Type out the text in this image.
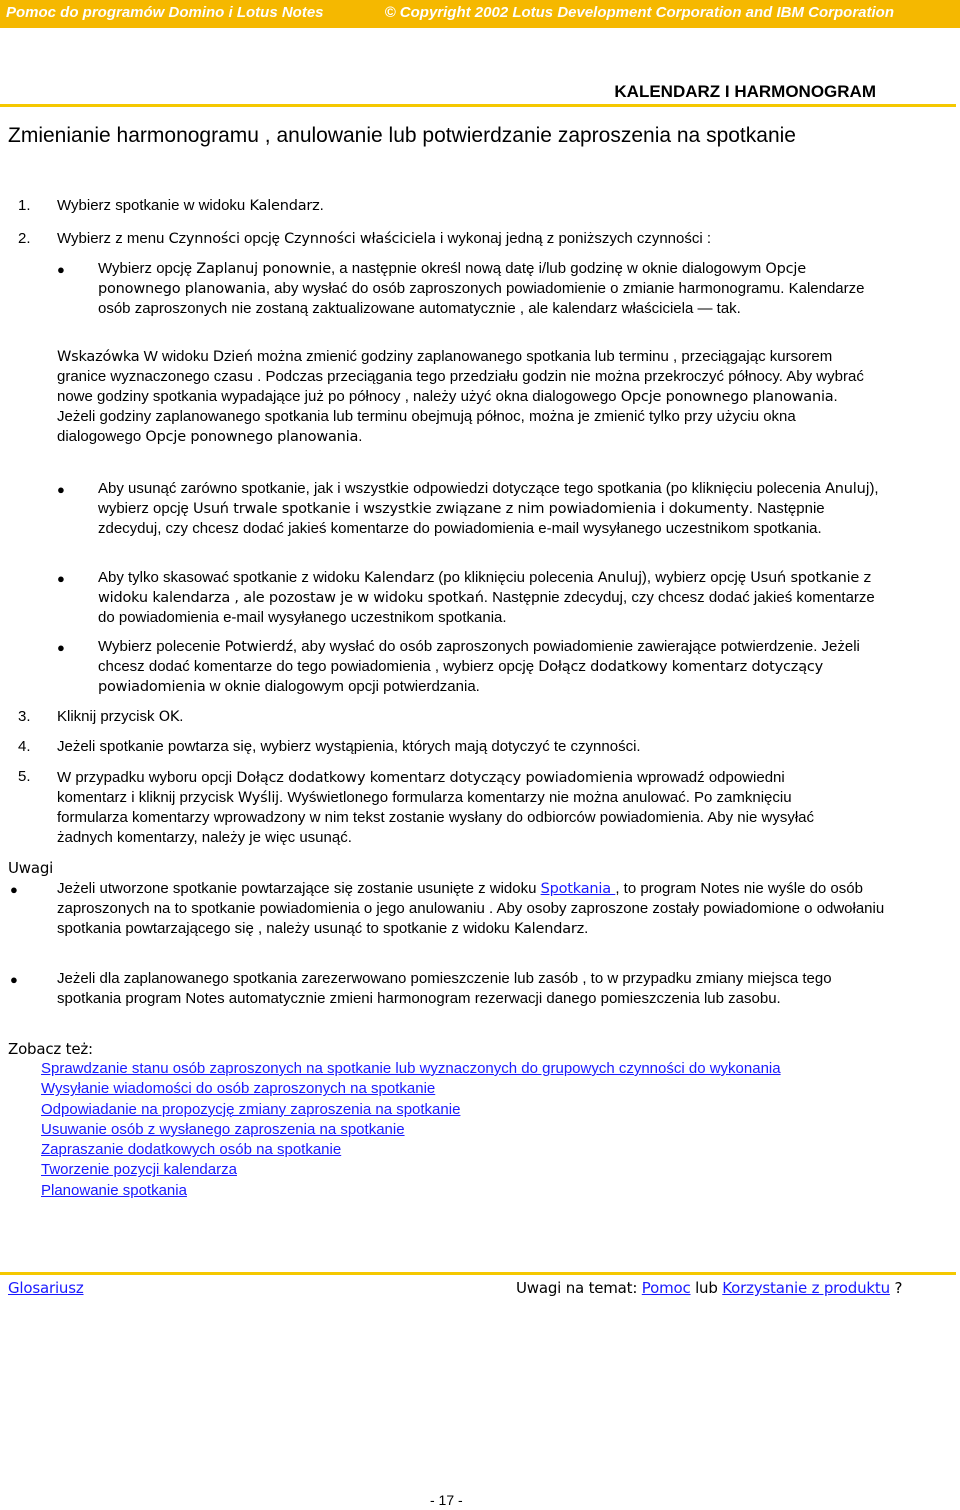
Pomoc do programów Domino i Lotus Notes	© Copyright 2002 Lotus Development Corporation and IBM Corporation
KALENDARZ I HARMONOGRAM
Zmienianie harmonogramu , anulowanie lub potwierdzanie zaproszenia na spotkanie
1. Wybierz spotkanie w widoku Kalendarz.
2. Wybierz z menu Czynności opcję Czynności właściciela i wykonaj jedną z poniższych czynności :
● Wybierz opcję Zaplanuj ponownie, a następnie określ nową datę i/lub godzinę w oknie dialogowym Opcje ponownego planowania, aby wysłać do osób zaproszonych powiadomienie o zmianie harmonogramu. Kalendarze osób zaproszonych nie zostaną zaktualizowane automatycznie , ale kalendarz właściciela — tak.
Wskazówka W widoku Dzień można zmienić godziny zaplanowanego spotkania lub terminu , przeciągając kursorem granice wyznaczonego czasu . Podczas przeciągania tego przedziału godzin nie można przekroczyć północy. Aby wybrać nowe godziny spotkania wypadające już po północy , należy użyć okna dialogowego Opcje ponownego planowania. Jeżeli godziny zaplanowanego spotkania lub terminu obejmują północ, można je zmienić tylko przy użyciu okna dialogowego Opcje ponownego planowania.
● Aby usunąć zarówno spotkanie, jak i wszystkie odpowiedzi dotyczące tego spotkania (po kliknięciu polecenia Anuluj), wybierz opcję Usuń trwale spotkanie i wszystkie związane z nim powiadomienia i dokumenty. Następnie zdecyduj, czy chcesz dodać jakieś komentarze do powiadomienia e-mail wysyłanego uczestnikom spotkania.
● Aby tylko skasować spotkanie z widoku Kalendarz (po kliknięciu polecenia Anuluj), wybierz opcję Usuń spotkanie z widoku kalendarza , ale pozostaw je w widoku spotkań. Następnie zdecyduj, czy chcesz dodać jakieś komentarze do powiadomienia e-mail wysyłanego uczestnikom spotkania.
● Wybierz polecenie Potwierdź, aby wysłać do osób zaproszonych powiadomienie zawierające potwierdzenie. Jeżeli chcesz dodać komentarze do tego powiadomienia , wybierz opcję Dołącz dodatkowy komentarz dotyczący powiadomienia w oknie dialogowym opcji potwierdzania.
3. Kliknij przycisk OK.
4. Jeżeli spotkanie powtarza się, wybierz wystąpienia, których mają dotyczyć te czynności.
5. W przypadku wyboru opcji Dołącz dodatkowy komentarz dotyczący powiadomienia wprowadź odpowiedni komentarz i kliknij przycisk Wyślij. Wyświetlonego formularza komentarzy nie można anulować. Po zamknięciu formularza komentarzy wprowadzony w nim tekst zostanie wysłany do odbiorców powiadomienia. Aby nie wysyłać żadnych komentarzy, należy je więc usunąć.
Uwagi
●	Jeżeli utworzone spotkanie powtarzające się zostanie usunięte z widoku Spotkania , to program Notes nie wyśle do osób zaproszonych na to spotkanie powiadomienia o jego anulowaniu . Aby osoby zaproszone zostały powiadomione o odwołaniu spotkania powtarzającego się , należy usunąć to spotkanie z widoku Kalendarz.
●	Jeżeli dla zaplanowanego spotkania zarezerwowano pomieszczenie lub zasób , to w przypadku zmiany miejsca tego spotkania program Notes automatycznie zmieni harmonogram rezerwacji danego pomieszczenia lub zasobu.
Zobacz też:
Sprawdzanie stanu osób zaproszonych na spotkanie lub wyznaczonych do grupowych czynności do wykonania
Wysyłanie wiadomości do osób zaproszonych na spotkanie
Odpowiadanie na propozycję zmiany zaproszenia na spotkanie
Usuwanie osób z wysłanego zaproszenia na spotkanie
Zapraszanie dodatkowych osób na spotkanie
Tworzenie pozycji kalendarza
Planowanie spotkania
Glosariusz	Uwagi na temat: Pomoc lub Korzystanie z produktu ?
- 17 -
